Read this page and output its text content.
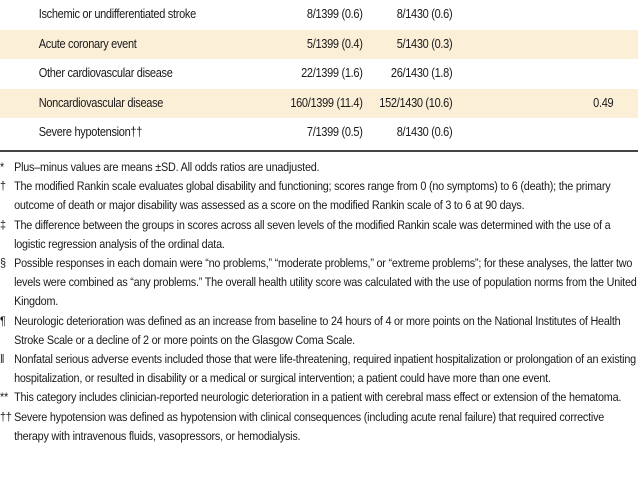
Ischemic or undifferentiated stroke	8/1399 (0.6)	8/1430 (0.6)
Acute coronary event	5/1399 (0.4)	5/1430 (0.3)
Other cardiovascular disease	22/1399 (1.6) 26/1430 (1.8)
Noncardiovascular disease	160/1399 (11.4) 152/1430 (10.6)	0.49
Severe hypotension††	7/1399 (0.5)	8/1430 (0.6)
* Plus–minus values are means ±SD. All odds ratios are unadjusted.
† The modified Rankin scale evaluates global disability and functioning; scores range from 0 (no symptoms) to 6 (death); the primary outcome of death or major disability was assessed as a score on the modified Rankin scale of 3 to 6 at 90 days.
‡ The difference between the groups in scores across all seven levels of the modified Rankin scale was determined with the use of a logistic regression analysis of the ordinal data.
§ Possible responses in each domain were “no problems,” “moderate problems,” or “extreme problems”; for these analyses, the latter two levels were combined as “any problems.” The overall health utility score was calculated with the use of population norms from the United Kingdom.
¶ Neurologic deterioration was defined as an increase from baseline to 24 hours of 4 or more points on the National Institutes of Health Stroke Scale or a decline of 2 or more points on the Glasgow Coma Scale.
‖ Nonfatal serious adverse events included those that were life-threatening, required inpatient hospitalization or prolongation of an existing hospitalization, or resulted in disability or a medical or surgical intervention; a patient could have more than one event.
** This category includes clinician-reported neurologic deterioration in a patient with cerebral mass effect or extension of the hematoma.
†† Severe hypotension was defined as hypotension with clinical consequences (including acute renal failure) that required corrective therapy with intravenous fluids, vasopressors, or hemodialysis.
